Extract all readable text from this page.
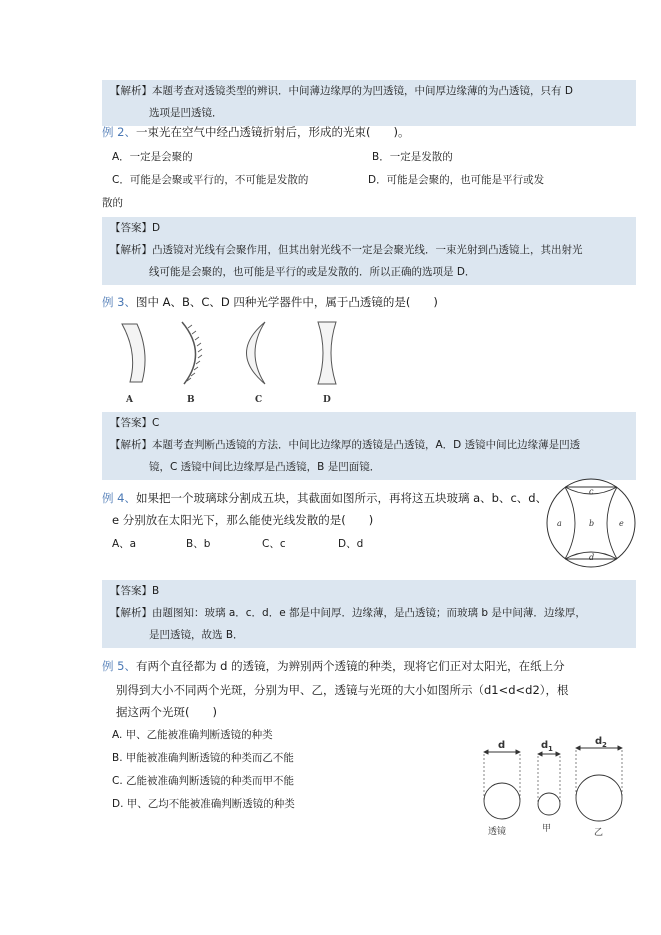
【解析】本题考查对透镜类型的辨识．中间薄边缘厚的为凹透镜，中间厚边缘薄的为凸透镜，只有 D
选项是凹透镜．
例 2、一束光在空气中经凸透镜折射后，形成的光束(　　)。
A．一定是会聚的	B．一定是发散的
C．可能是会聚或平行的，不可能是发散的	D．可能是会聚的，也可能是平行或发
散的
【答案】D
【解析】凸透镜对光线有会聚作用，但其出射光线不一定是会聚光线．一束光射到凸透镜上，其出射光
线可能是会聚的，也可能是平行的或是发散的．所以正确的选项是 D．
例 3、图中 A、B、C、D 四种光学器件中，属于凸透镜的是(　　)
A	B	C	D
【答案】C
【解析】本题考查判断凸透镜的方法．中间比边缘厚的透镜是凸透镜，A．D 透镜中间比边缘薄是凹透
镜，C 透镜中间比边缘厚是凸透镜，B 是凹面镜．
例 4、如果把一个玻璃球分割成五块，其截面如图所示，再将这五块玻璃 a、b、c、d、
e 分别放在太阳光下，那么能使光线发散的是(　　)
A、a	B、b	C、c	D、d
c
a	b	e
d
【答案】B
【解析】由题图知：玻璃 a．c．d．e 都是中间厚．边缘薄，是凸透镜；而玻璃 b 是中间薄．边缘厚，
是凹透镜，故选 B．
例 5、有两个直径都为 d 的透镜，为辨别两个透镜的种类，现将它们正对太阳光，在纸上分
别得到大小不同两个光斑，分别为甲、乙，透镜与光斑的大小如图所示（d1<d<d2），根
据这两个光斑(　　)
A. 甲、乙能被准确判断透镜的种类
B. 甲能被准确判断透镜的种类而乙不能
C. 乙能被准确判断透镜的种类而甲不能
D. 甲、乙均不能被准确判断透镜的种类
d	d 1
d 2
透镜	甲	乙
